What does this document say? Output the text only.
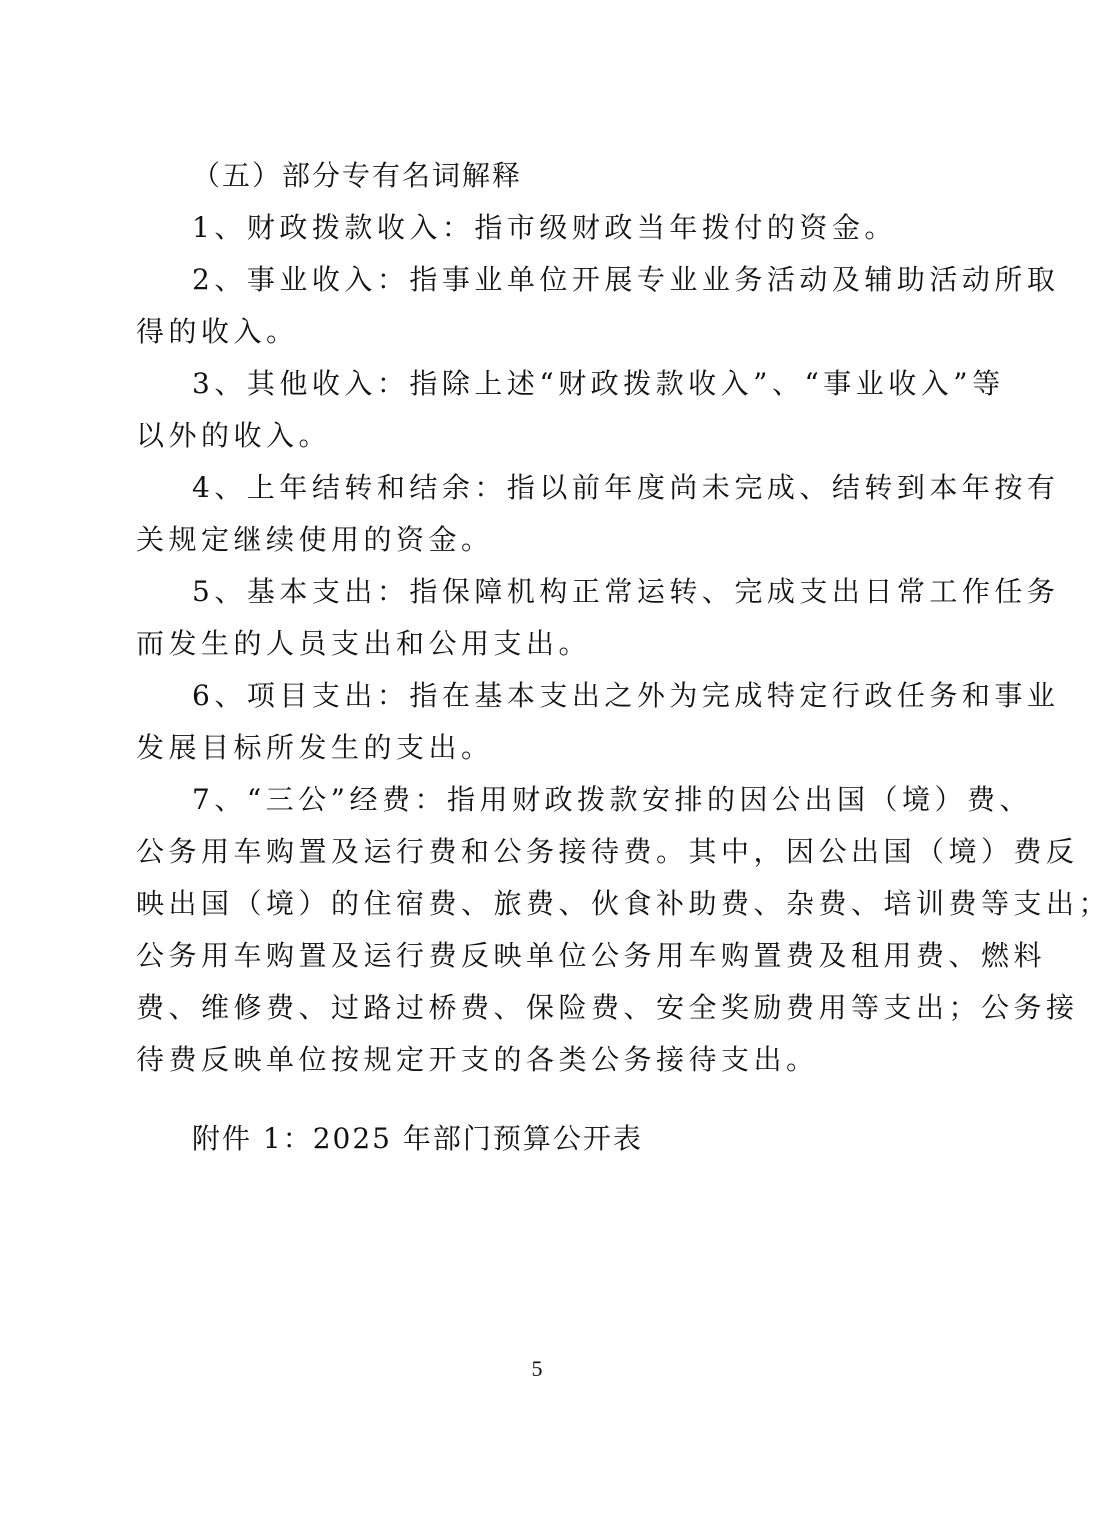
（五）部分专有名词解释
1、财政拨款收入：指市级财政当年拨付的资金。
2、事业收入：指事业单位开展专业业务活动及辅助活动所取
得的收入。
3、其他收入：指除上述“财政拨款收入”、“事业收入”等
以外的收入。
4、上年结转和结余：指以前年度尚未完成、结转到本年按有
关规定继续使用的资金。
5、基本支出：指保障机构正常运转、完成支出日常工作任务
而发生的人员支出和公用支出。
6、项目支出：指在基本支出之外为完成特定行政任务和事业
发展目标所发生的支出。
7、“三公”经费：指用财政拨款安排的因公出国（境）费、
公务用车购置及运行费和公务接待费。其中，因公出国（境）费反
映出国（境）的住宿费、旅费、伙食补助费、杂费、培训费等支出；
公务用车购置及运行费反映单位公务用车购置费及租用费、燃料
费、维修费、过路过桥费、保险费、安全奖励费用等支出；公务接
待费反映单位按规定开支的各类公务接待支出。
附件 1：2025 年部门预算公开表
5
